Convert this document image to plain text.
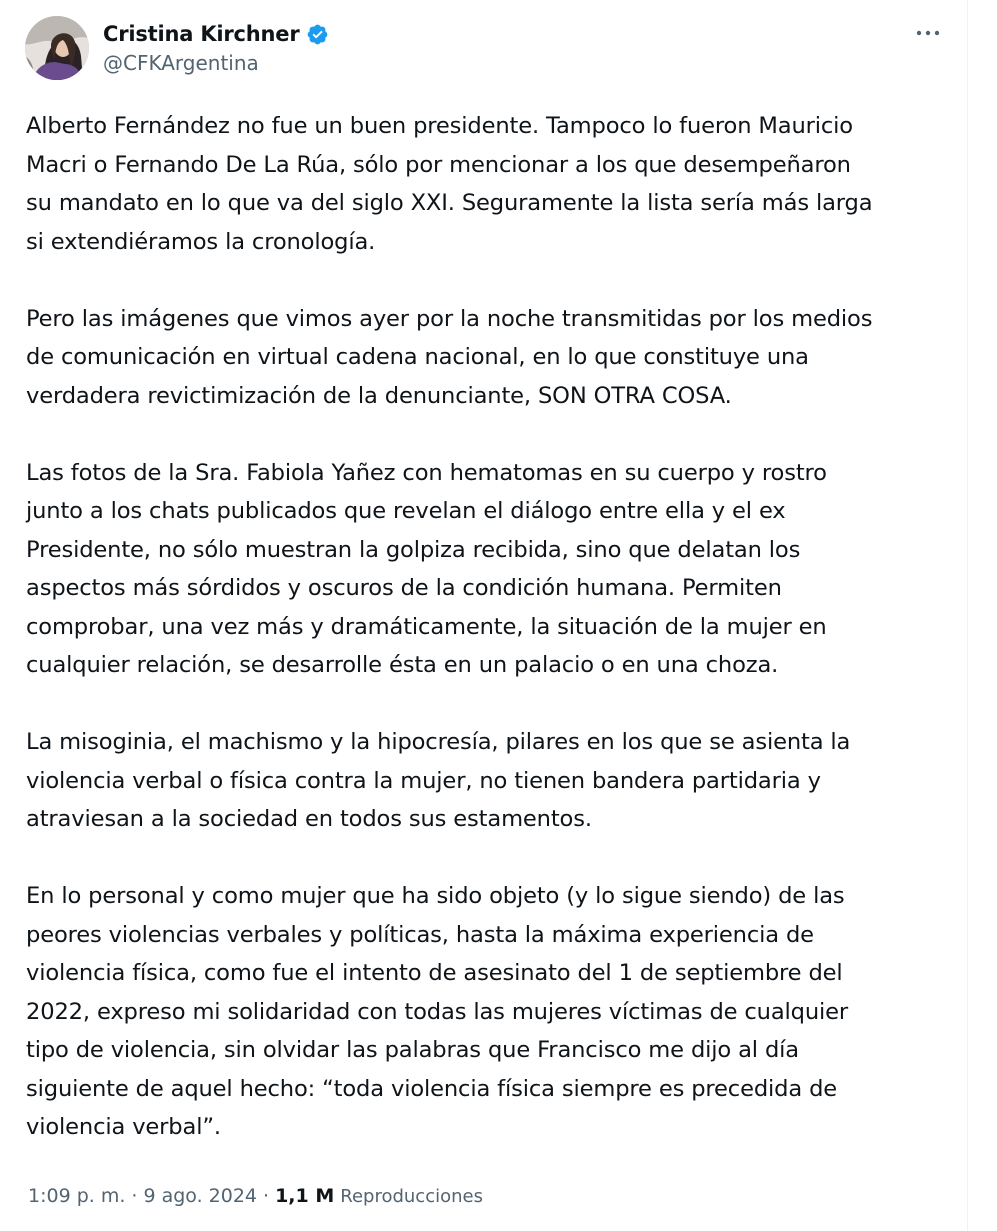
Cristina Kirchner
@CFKArgentina

Alberto Fernández no fue un buen presidente. Tampoco lo fueron Mauricio
Macri o Fernando De La Rúa, sólo por mencionar a los que desempeñaron
su mandato en lo que va del siglo XXI. Seguramente la lista sería más larga
si extendiéramos la cronología.

Pero las imágenes que vimos ayer por la noche transmitidas por los medios
de comunicación en virtual cadena nacional, en lo que constituye una
verdadera revictimización de la denunciante, SON OTRA COSA.

Las fotos de la Sra. Fabiola Yañez con hematomas en su cuerpo y rostro
junto a los chats publicados que revelan el diálogo entre ella y el ex
Presidente, no sólo muestran la golpiza recibida, sino que delatan los
aspectos más sórdidos y oscuros de la condición humana. Permiten
comprobar, una vez más y dramáticamente, la situación de la mujer en
cualquier relación, se desarrolle ésta en un palacio o en una choza.

La misoginia, el machismo y la hipocresía, pilares en los que se asienta la
violencia verbal o física contra la mujer, no tienen bandera partidaria y
atraviesan a la sociedad en todos sus estamentos.

En lo personal y como mujer que ha sido objeto (y lo sigue siendo) de las
peores violencias verbales y políticas, hasta la máxima experiencia de
violencia física, como fue el intento de asesinato del 1 de septiembre del
2022, expreso mi solidaridad con todas las mujeres víctimas de cualquier
tipo de violencia, sin olvidar las palabras que Francisco me dijo al día
siguiente de aquel hecho: “toda violencia física siempre es precedida de
violencia verbal”.

1:09 p. m. · 9 ago. 2024 · 1,1 M Reproducciones
